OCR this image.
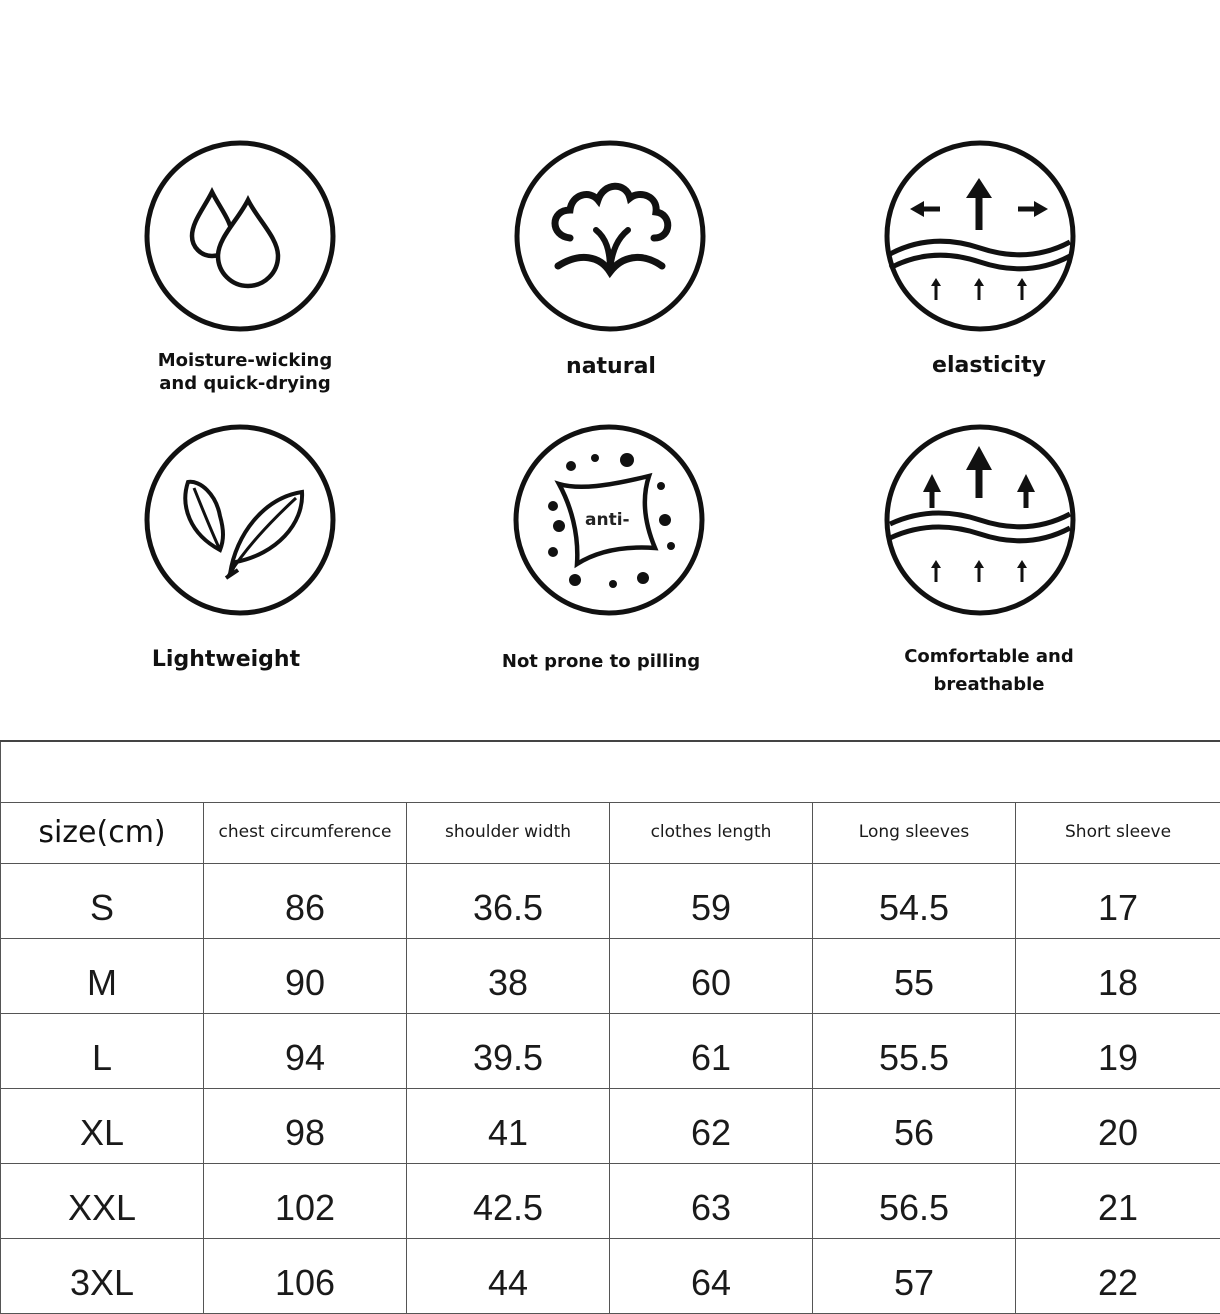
Moisture-wicking
and quick-drying
natural	elasticity
Lightweight
anti-
Not prone to pilling	Comfortable and
breathable

size(cm)	chest circumference	shoulder width	clothes length	Long sleeves	Short sleeve
S	86	36.5	59	54.5	17
M	90	38	60	55	18
L	94	39.5	61	55.5	19
XL	98	41	62	56	20
XXL	102	42.5	63	56.5	21
3XL	106	44	64	57	22
